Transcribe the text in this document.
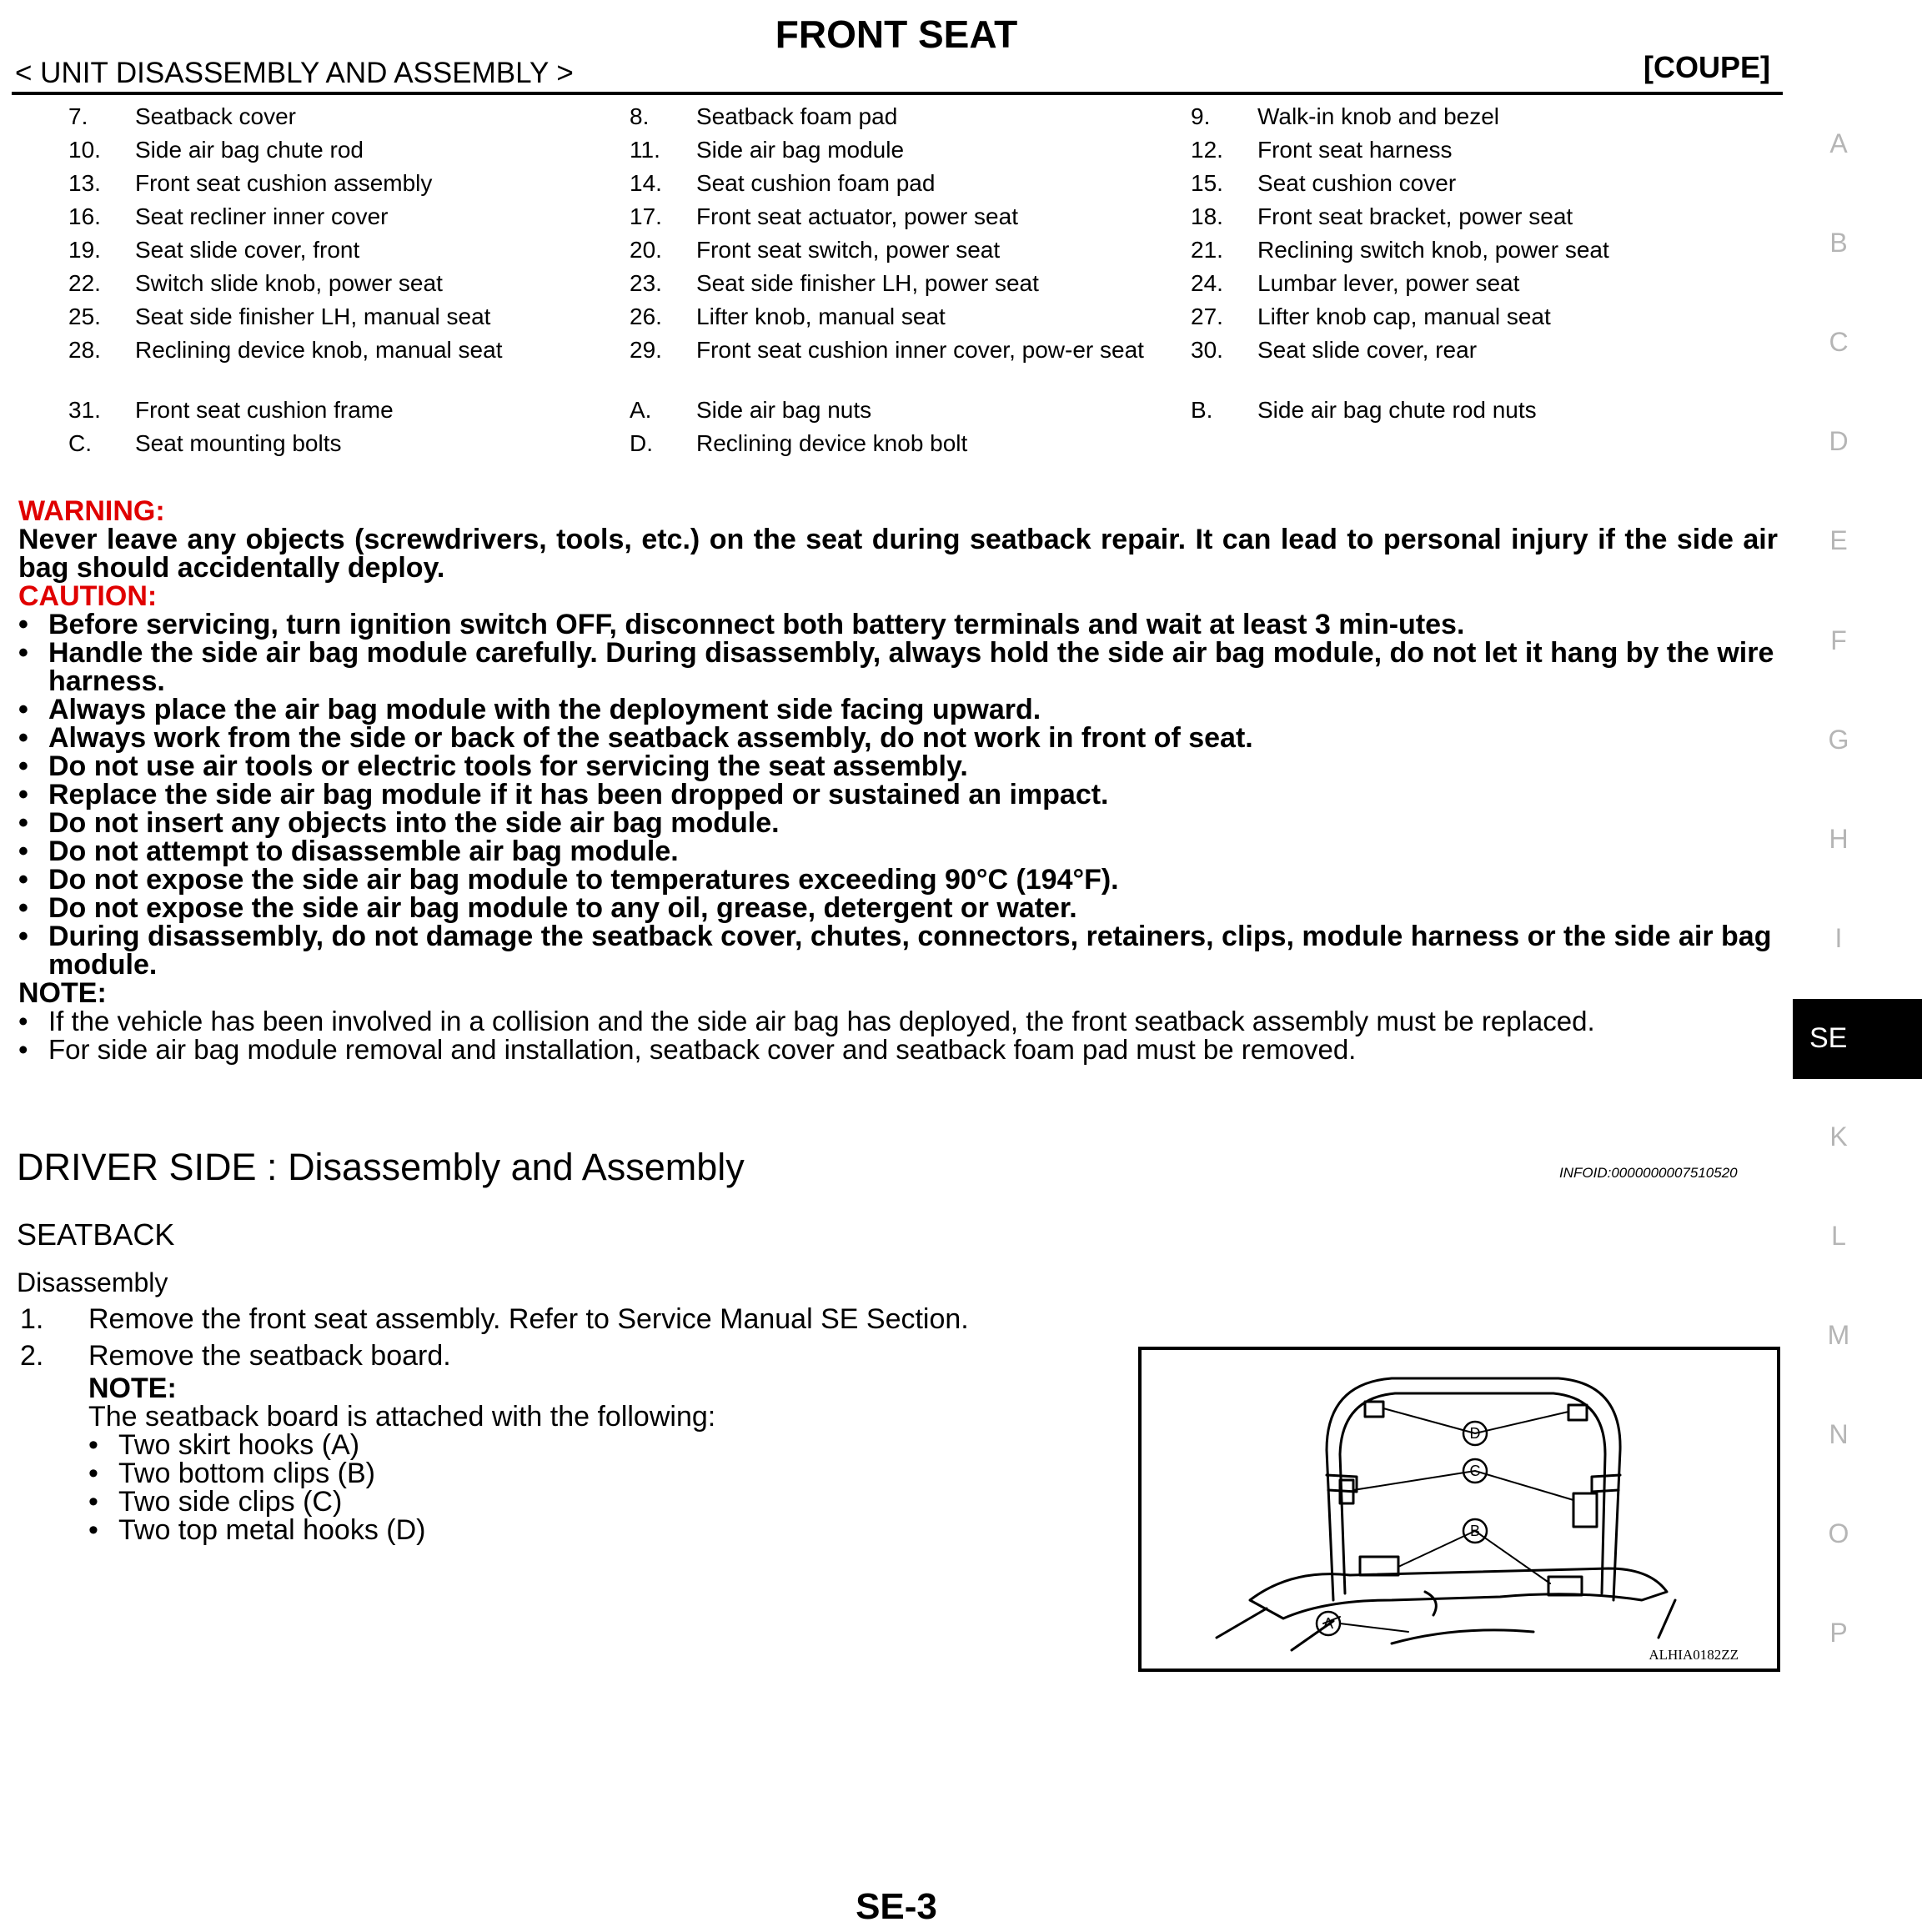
FRONT SEAT
< UNIT DISASSEMBLY AND ASSEMBLY >	[COUPE]
7. Seatback cover	8. Seatback foam pad	9. Walk-in knob and bezel
10. Side air bag chute rod	11. Side air bag module	12. Front seat harness
13. Front seat cushion assembly	14. Seat cushion foam pad	15. Seat cushion cover
16. Seat recliner inner cover	17. Front seat actuator, power seat	18. Front seat bracket, power seat
19. Seat slide cover, front	20. Front seat switch, power seat	21. Reclining switch knob, power seat
22. Switch slide knob, power seat	23. Seat side finisher LH, power seat	24. Lumbar lever, power seat
25. Seat side finisher LH, manual seat	26. Lifter knob, manual seat	27. Lifter knob cap, manual seat
28. Reclining device knob, manual seat	29. Front seat cushion inner cover, pow-er seat	30. Seat slide cover, rear
31. Front seat cushion frame	A. Side air bag nuts	B. Side air bag chute rod nuts
C. Seat mounting bolts	D. Reclining device knob bolt
WARNING:
Never leave any objects (screwdrivers, tools, etc.) on the seat during seatback repair. It can lead to personal injury if the side air bag should accidentally deploy.
CAUTION:
• Before servicing, turn ignition switch OFF, disconnect both battery terminals and wait at least 3 min-utes.
• Handle the side air bag module carefully. During disassembly, always hold the side air bag module, do not let it hang by the wire harness.
• Always place the air bag module with the deployment side facing upward.
• Always work from the side or back of the seatback assembly, do not work in front of seat.
• Do not use air tools or electric tools for servicing the seat assembly.
• Replace the side air bag module if it has been dropped or sustained an impact.
• Do not insert any objects into the side air bag module.
• Do not attempt to disassemble air bag module.
• Do not expose the side air bag module to temperatures exceeding 90°C (194°F).
• Do not expose the side air bag module to any oil, grease, detergent or water.
• During disassembly, do not damage the seatback cover, chutes, connectors, retainers, clips, module harness or the side air bag module.
NOTE:
• If the vehicle has been involved in a collision and the side air bag has deployed, the front seatback assembly must be replaced.
• For side air bag module removal and installation, seatback cover and seatback foam pad must be removed.
DRIVER SIDE : Disassembly and Assembly	INFOID:0000000007510520
SEATBACK
Disassembly
1. Remove the front seat assembly. Refer to Service Manual SE Section.
2. Remove the seatback board.
NOTE:
The seatback board is attached with the following:
• Two skirt hooks (A)
• Two bottom clips (B)
• Two side clips (C)
• Two top metal hooks (D)
D
C
B
A
ALHIA0182ZZ
A
B
C
D
E
F
G
H
I
K
L
M
N
O
P
SE
SE-3
